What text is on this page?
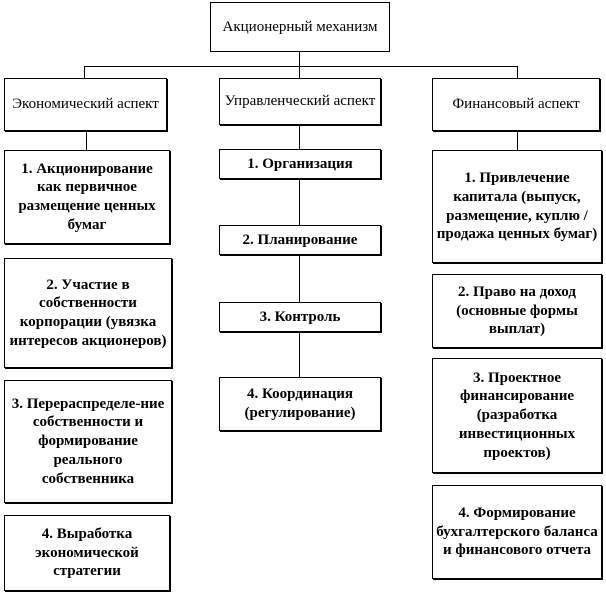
Акционерный механизм
Экономический аспект	Управленческий аспект	Финансовый аспект
1. Акционирование как первичное размещение ценных бумаг
2. Участие в собственности корпорации (увязка интересов акционеров)
3. Перераспределе-ние собственности и формирование реального собственника
4. Выработка экономической стратегии
1. Организация
2. Планирование
3. Контроль
4. Координация (регулирование)
1. Привлечение капитала (выпуск, размещение, куплю / продажа ценных бумаг)
2. Право на доход (основные формы выплат)
3. Проектное финансирование (разработка инвестиционных проектов)
4. Формирование бухгалтерского баланса и финансового отчета
